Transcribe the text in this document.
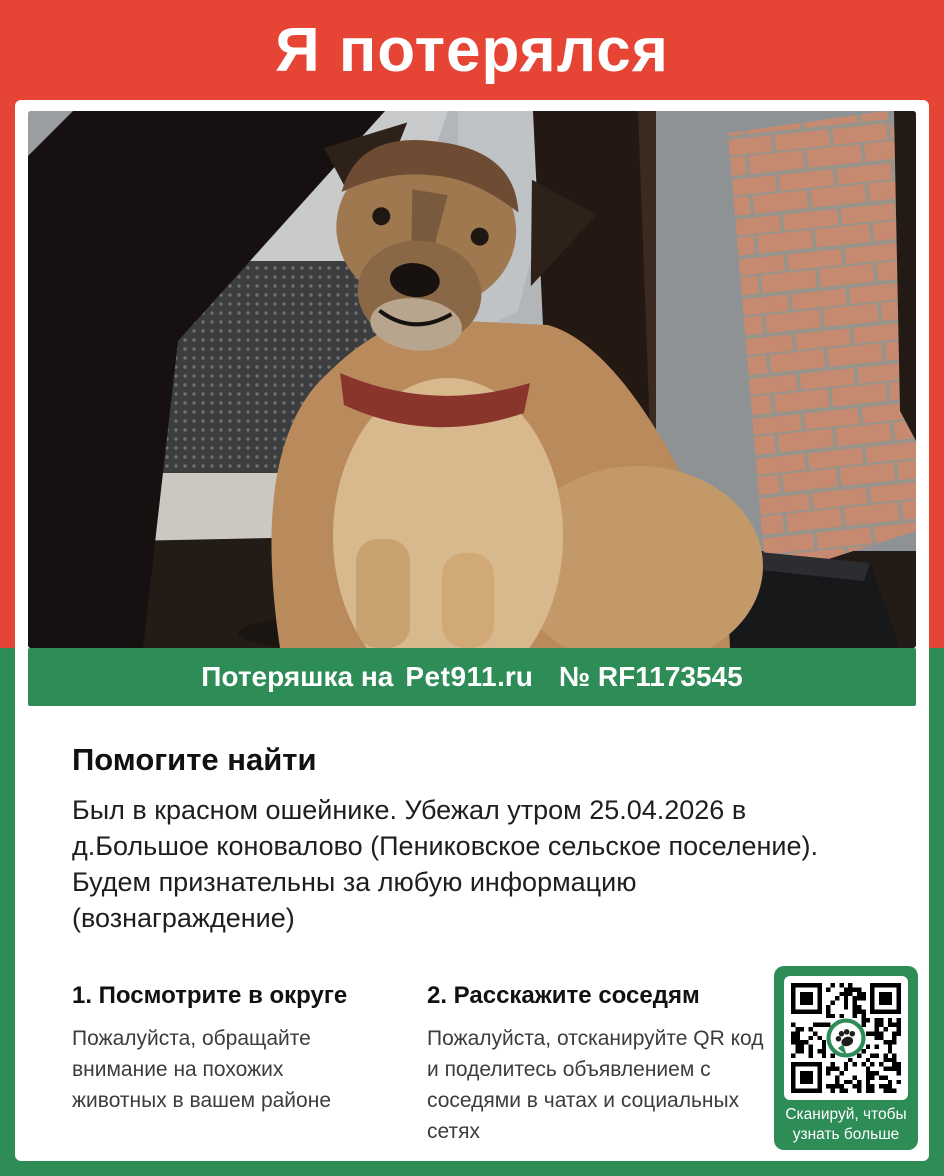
Я потерялся
Потеряшка на Pet911 .ru № RF1173545
Помогите найти

Был в красном ошейнике. Убежал утром 25.04.2026 в д.Большое коновалово (Пениковское сельское поселение). Будем признательны за любую информацию (вознаграждение)

1. Посмотрите в округе

Пожалуйста, обращайте внимание на похожих животных в вашем районе

2. Расскажите соседям

Пожалуйста, отсканируйте QR код и поделитесь объявлением с соседями в чатах и социальных сетях

Сканируй, чтобы
узнать больше
